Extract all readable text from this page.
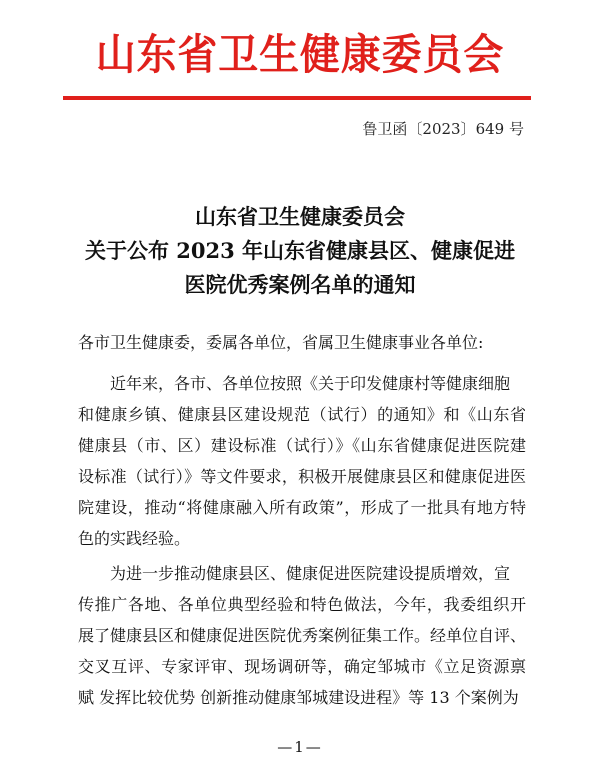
山东省卫生健康委员会
鲁卫函〔2023〕649 号
山东省卫生健康委员会
关于公布 2023 年山东省健康县区、健康促进
医院优秀案例名单的通知
各市卫生健康委，委属各单位，省属卫生健康事业各单位:
近年来，各市、各单位按照《关于印发健康村等健康细胞
和健康乡镇、健康县区建设规范（试行）的通知》和《山东省
健康县（市、区）建设标准（试行）》《山东省健康促进医院建
设标准（试行）》等文件要求，积极开展健康县区和健康促进医
院建设，推动“将健康融入所有政策”，形成了一批具有地方特
色的实践经验。
为进一步推动健康县区、健康促进医院建设提质增效，宣
传推广各地、各单位典型经验和特色做法，今年，我委组织开
展了健康县区和健康促进医院优秀案例征集工作。经单位自评、
交叉互评、专家评审、现场调研等，确定邹城市《立足资源禀
赋 发挥比较优势 创新推动健康邹城建设进程》等 13 个案例为
—1—
